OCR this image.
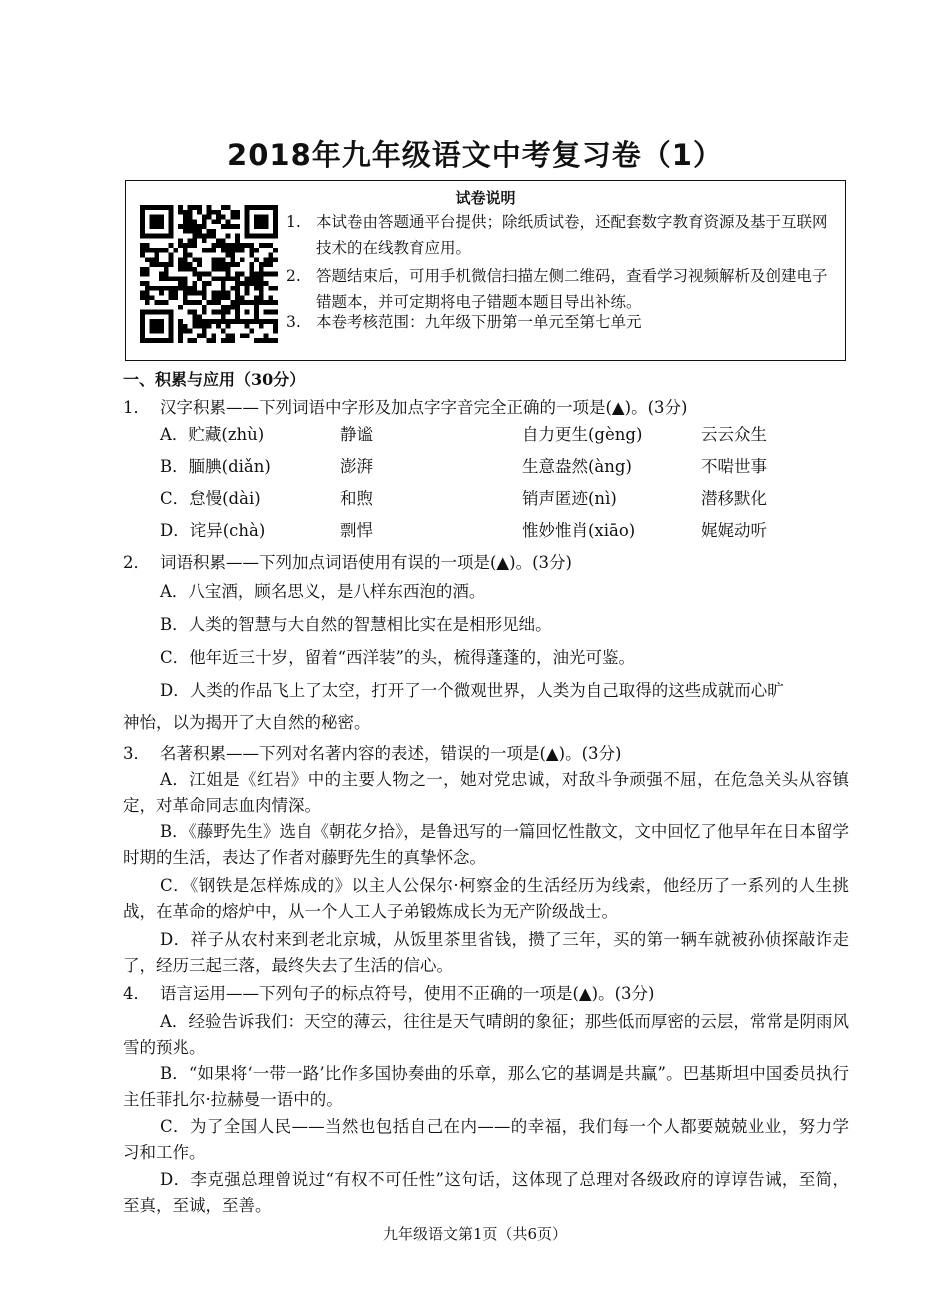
2018年九年级语文中考复习卷（1）
试卷说明
1. 本试卷由答题通平台提供；除纸质试卷，还配套数字教育资源及基于互联网技术的在线教育应用。
2. 答题结束后，可用手机微信扫描左侧二维码，查看学习视频解析及创建电子错题本，并可定期将电子错题本题目导出补练。
3. 本卷考核范围：九年级下册第一单元至第七单元
一、积累与应用（30分）
1． 汉字积累——下列词语中字形及加点字字音完全正确的一项是(▲)。(3分)
A．贮藏(zhù)	静谧	自力更生(gèng)	云云众生
B．腼腆(diǎn)	澎湃	生意盎然(àng)	不啱世事
C．怠慢(dài)	和煦	销声匿迹(nì)	潜移默化
D．诧异(chà)	剽悍	惟妙惟肖(xiāo)	娓娓动听
2． 词语积累——下列加点词语使用有误的一项是(▲)。(3分)
A．八宝酒，顾名思义，是八样东西泡的酒。
B．人类的智慧与大自然的智慧相比实在是相形见绌。
C．他年近三十岁，留着“西洋装”的头，梳得蓬蓬的，油光可鉴。
D．人类的作品飞上了太空，打开了一个微观世界，人类为自己取得的这些成就而心旷
神怡，以为揭开了大自然的秘密。
3． 名著积累——下列对名著内容的表述，错误的一项是(▲)。(3分)
A．江姐是《红岩》中的主要人物之一，她对党忠诚，对敌斗争顽强不屈，在危急关头从容镇定，对革命同志血肉情深。
B．《藤野先生》选自《朝花夕拾》，是鲁迅写的一篇回忆性散文，文中回忆了他早年在日本留学时期的生活，表达了作者对藤野先生的真挚怀念。
C．《钢铁是怎样炼成的》以主人公保尔·柯察金的生活经历为线索，他经历了一系列的人生挑战，在革命的熔炉中，从一个人工人子弟锻炼成长为无产阶级战士。
D．祥子从农村来到老北京城，从饭里茶里省钱，攒了三年，买的第一辆车就被孙侦探敲诈走了，经历三起三落，最终失去了生活的信心。
4． 语言运用——下列句子的标点符号，使用不正确的一项是(▲)。(3分)
A．经验告诉我们：天空的薄云，往往是天气晴朗的象征；那些低而厚密的云层，常常是阴雨风雪的预兆。
B．“如果将‘一带一路’比作多国协奏曲的乐章，那么它的基调是共赢”。巴基斯坦中国委员执行主任菲扎尔·拉赫曼一语中的。
C．为了全国人民——当然也包括自己在内——的幸福，我们每一个人都要兢兢业业，努力学习和工作。
D．李克强总理曾说过“有权不可任性”这句话，这体现了总理对各级政府的谆谆告诫，至简，至真，至诚，至善。
九年级语文第1页（共6页）
